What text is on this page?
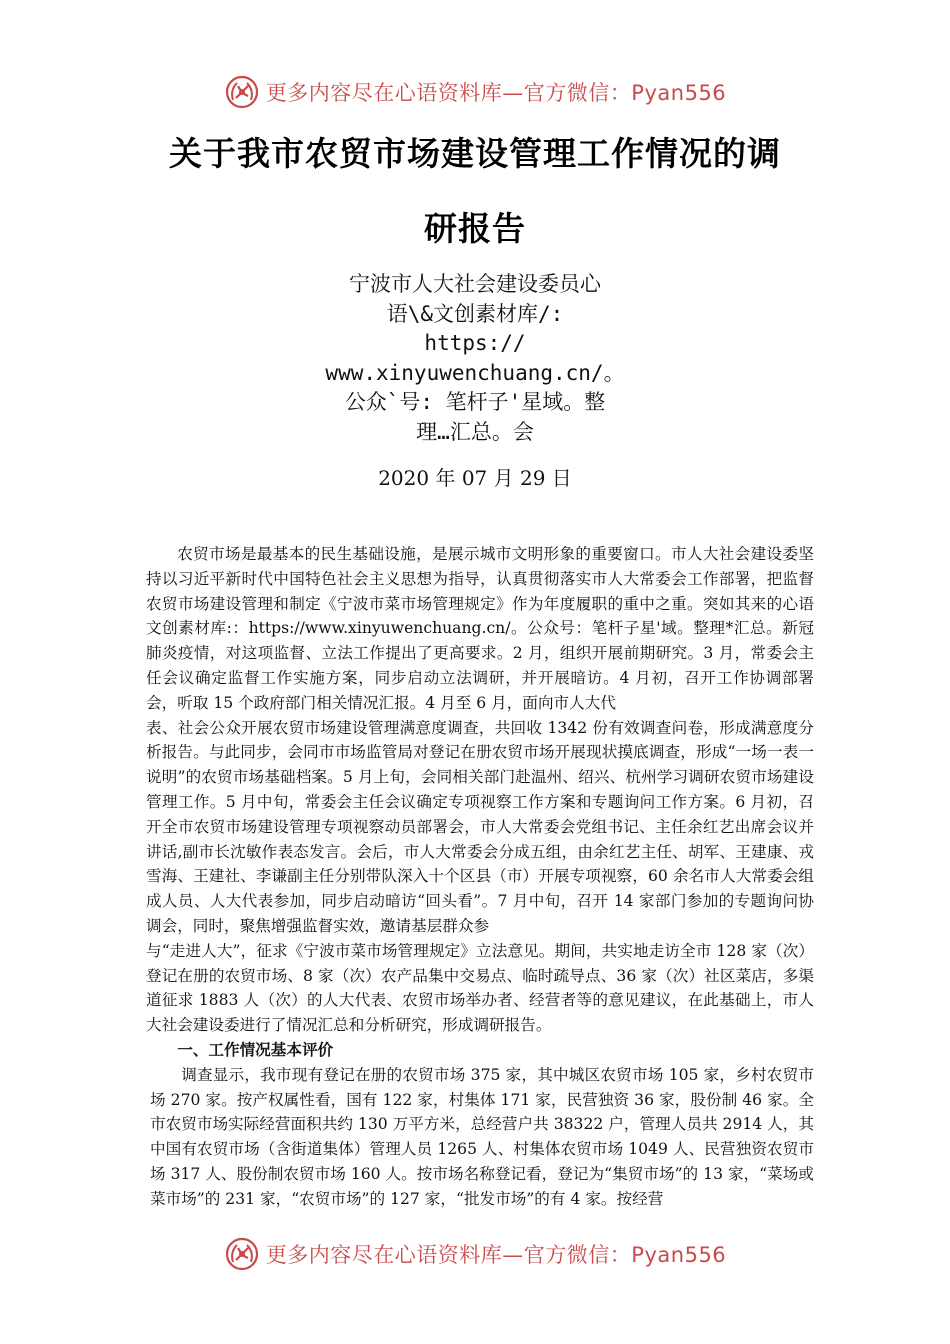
更多内容尽在心语资料库—官方微信：Pyan556
关于我市农贸市场建设管理工作情况的调
研报告
宁波市人大社会建设委员心
语\&文创素材库/:
https://
www.xinyuwenchuang.cn/。
公众`号: 笔杆子'星域。整
理…汇总。会
2020 年 07 月 29 日

农贸市场是最基本的民生基础设施，是展示城市文明形象的重要窗口。市人大社会建设委坚持以习近平新时代中国特色社会主义思想为指导，认真贯彻落实市人大常委会工作部署，把监督农贸市场建设管理和制定《宁波市菜市场管理规定》作为年度履职的重中之重。突如其来的心语文创素材库:：https://www.xinyuwenchuang.cn/。公众号：笔杆子星'域。整理*汇总。新冠肺炎疫情，对这项监督、立法工作提出了更高要求。2 月，组织开展前期研究。3 月，常委会主任会议确定监督工作实施方案，同步启动立法调研，并开展暗访。4 月初，召开工作协调部署会，听取 15 个政府部门相关情况汇报。4 月至 6 月，面向市人大代

表、社会公众开展农贸市场建设管理满意度调查，共回收 1342 份有效调查问卷，形成满意度分析报告。与此同步，会同市市场监管局对登记在册农贸市场开展现状摸底调查，形成“一场一表一说明”的农贸市场基础档案。5 月上旬，会同相关部门赴温州、绍兴、杭州学习调研农贸市场建设管理工作。5 月中旬，常委会主任会议确定专项视察工作方案和专题询问工作方案。6 月初，召开全市农贸市场建设管理专项视察动员部署会，市人大常委会党组书记、主任余红艺出席会议并讲话,副市长沈敏作表态发言。会后，市人大常委会分成五组，由余红艺主任、胡军、王建康、戎雪海、王建社、李谦副主任分别带队深入十个区县（市）开展专项视察，60 余名市人大常委会组成人员、人大代表参加，同步启动暗访“回头看”。7 月中旬，召开 14 家部门参加的专题询问协调会，同时，聚焦增强监督实效，邀请基层群众参

与“走进人大”，征求《宁波市菜市场管理规定》立法意见。期间，共实地走访全市 128 家（次）登记在册的农贸市场、8 家（次）农产品集中交易点、临时疏导点、36 家（次）社区菜店，多渠道征求 1883 人（次）的人大代表、农贸市场举办者、经营者等的意见建议，在此基础上，市人大社会建设委进行了情况汇总和分析研究，形成调研报告。

一、工作情况基本评价

调查显示，我市现有登记在册的农贸市场 375 家，其中城区农贸市场 105 家，乡村农贸市场 270 家。按产权属性看，国有 122 家，村集体 171 家，民营独资 36 家，股份制 46 家。全市农贸市场实际经营面积共约 130 万平方米，总经营户共 38322 户，管理人员共 2914 人，其中国有农贸市场（含街道集体）管理人员 1265 人、村集体农贸市场 1049 人、民营独资农贸市场 317 人、股份制农贸市场 160 人。按市场名称登记看，登记为“集贸市场”的 13 家，“菜场或菜市场”的 231 家，“农贸市场”的 127 家，“批发市场”的有 4 家。按经营

更多内容尽在心语资料库—官方微信：Pyan556
